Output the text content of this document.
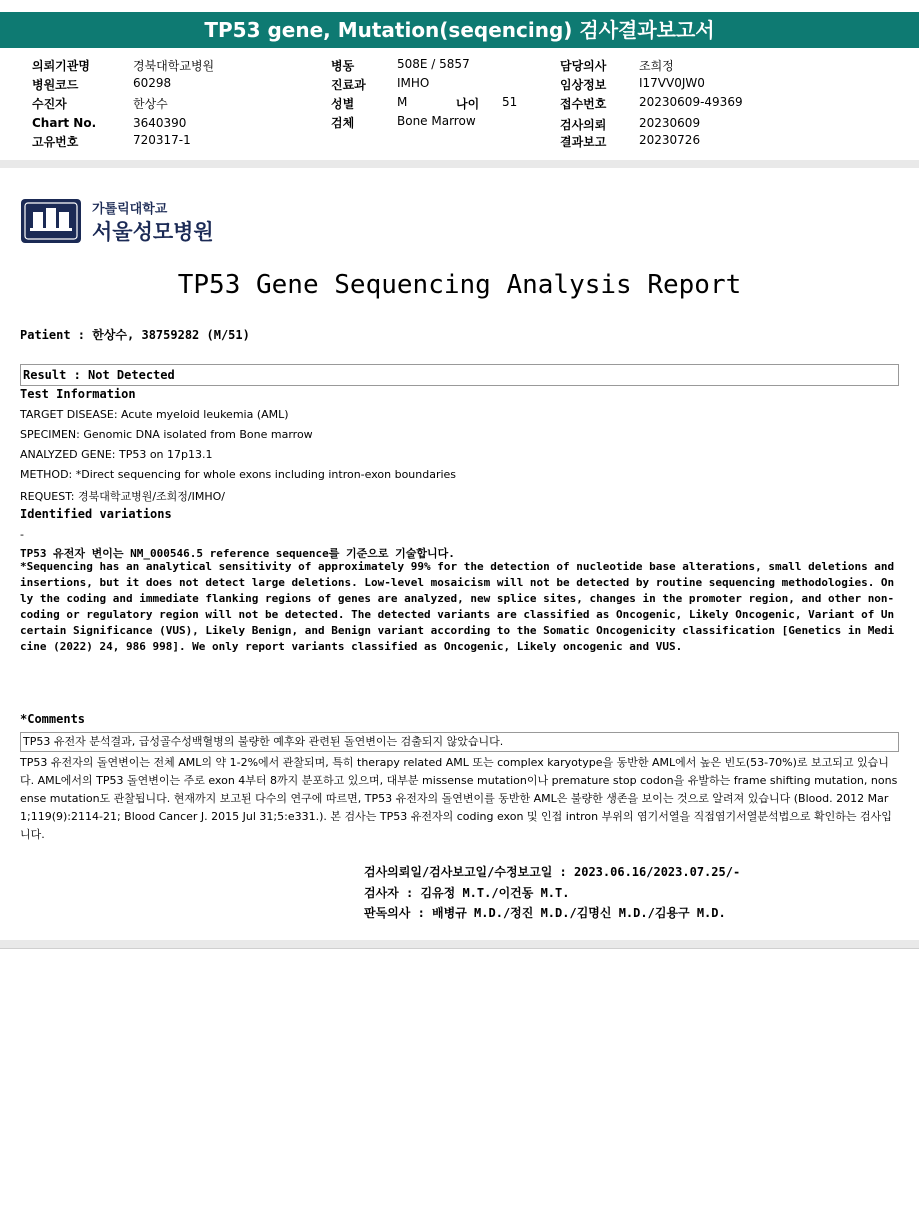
TP53 gene, Mutation(seqencing) 검사결과보고서
의뢰기관명	경북대학교병원
병원코드	60298
수진자	한상수
Chart No.	3640390
고유번호	720317-1
병동	508E / 5857
진료과	IMHO
성별	M	나이 51
검체	Bone Marrow
담당의사	조희정
임상정보	I17VV0JW0
접수번호	20230609-49369
검사의뢰	20230609
결과보고	20230726
가톨릭대학교
서울성모병원
TP53 Gene Sequencing Analysis Report
Patient : 한상수, 38759282 (M/51)
Result : Not Detected
Test Information
TARGET DISEASE: Acute myeloid leukemia (AML)
SPECIMEN: Genomic DNA isolated from Bone marrow
ANALYZED GENE: TP53 on 17p13.1
METHOD: *Direct sequencing for whole exons including intron-exon boundaries
REQUEST: 경북대학교병원/조희정/IMHO/
Identified variations
-
TP53 유전자 변이는 NM_000546.5 reference sequence를 기준으로 기술합니다.
*Sequencing has an analytical sensitivity of approximately 99% for the detection of nucleotide base alterations, small deletions and insertions, but it does not detect large deletions. Low-level mosaicism will not be detected by routine sequencing methodologies. Only the coding and immediate flanking regions of genes are analyzed, new splice sites, changes in the promoter region, and other non-coding or regulatory region will not be detected. The detected variants are classified as Oncogenic, Likely Oncogenic, Variant of Uncertain Significance (VUS), Likely Benign, and Benign variant according to the Somatic Oncogenicity classification [Genetics in Medicine (2022) 24, 986 998]. We only report variants classified as Oncogenic, Likely oncogenic and VUS.
*Comments
TP53 유전자 분석결과, 급성골수성백혈병의 불량한 예후와 관련된 돌연변이는 검출되지 않았습니다.
TP53 유전자의 돌연변이는 전체 AML의 약 1-2%에서 관찰되며, 특히 therapy related AML 또는 complex karyotype을 동반한 AML에서 높은 빈도(53-70%)로 보고되고 있습니다. AML에서의 TP53 돌연변이는 주로 exon 4부터 8까지 분포하고 있으며, 대부분 missense mutation이나 premature stop codon을 유발하는 frame shifting mutation, nonsense mutation도 관찰됩니다. 현재까지 보고된 다수의 연구에 따르면, TP53 유전자의 돌연변이를 동반한 AML은 불량한 생존을 보이는 것으로 알려져 있습니다 (Blood. 2012 Mar 1;119(9):2114-21; Blood Cancer J. 2015 Jul 31;5:e331.). 본 검사는 TP53 유전자의 coding exon 및 인접 intron 부위의 염기서열을 직접염기서열분석법으로 확인하는 검사입니다.
검사의뢰일/검사보고일/수정보고일 : 2023.06.16/2023.07.25/-
검사자 : 김유정 M.T./이건동 M.T.
판독의사 : 배병규 M.D./정진 M.D./김명신 M.D./김용구 M.D.
